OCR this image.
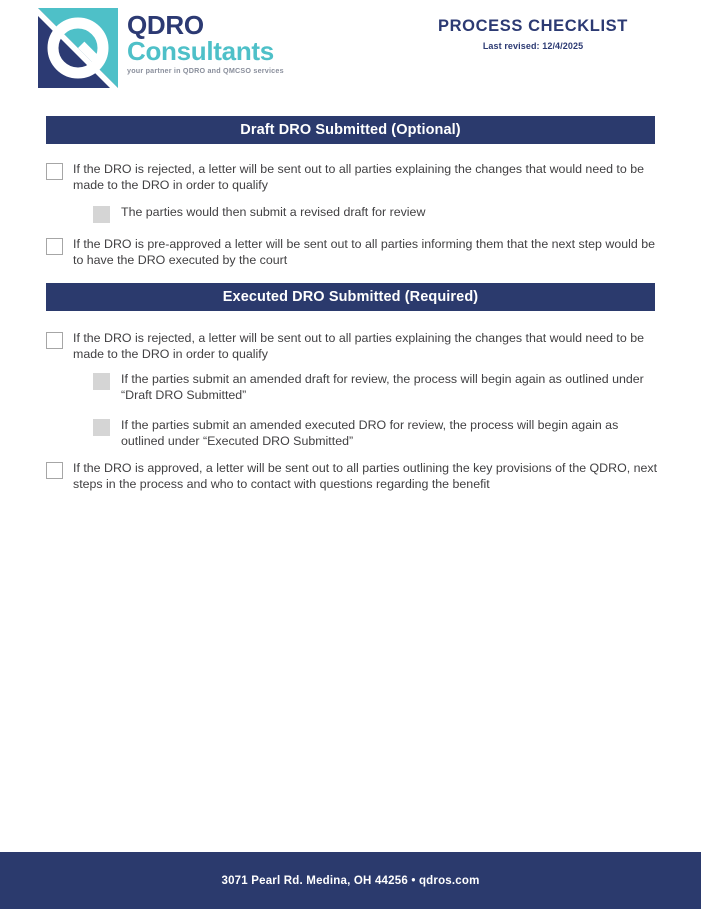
QDRO
Consultants
your partner in QDRO and QMCSO services
PROCESS CHECKLIST
Last revised: 12/4/2025
Draft DRO Submitted (Optional)
If the DRO is rejected, a letter will be sent out to all parties explaining the changes that would need to be made to the DRO in order to qualify
The parties would then submit a revised draft for review
If the DRO is pre-approved a letter will be sent out to all parties informing them that the next step would be to have the DRO executed by the court
Executed DRO Submitted (Required)
If the DRO is rejected, a letter will be sent out to all parties explaining the changes that would need to be made to the DRO in order to qualify
If the parties submit an amended draft for review, the process will begin again as outlined under “Draft DRO Submitted”
If the parties submit an amended executed DRO for review, the process will begin again as outlined under “Executed DRO Submitted”
If the DRO is approved, a letter will be sent out to all parties outlining the key provisions of the QDRO, next steps in the process and who to contact with questions regarding the benefit
3071 Pearl Rd. Medina, OH 44256 • qdros.com
